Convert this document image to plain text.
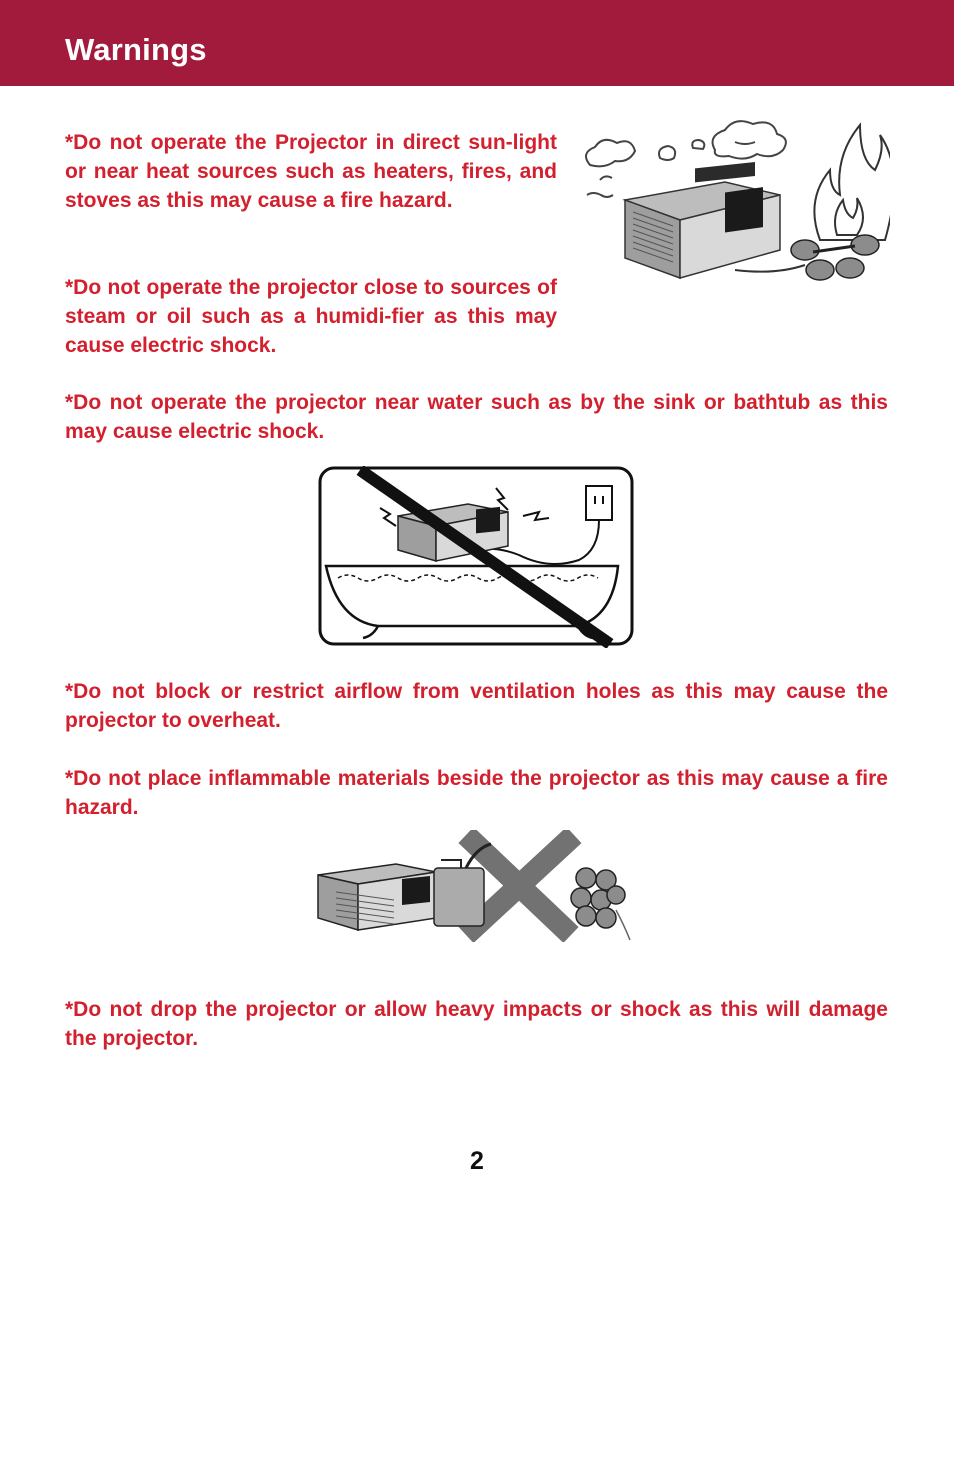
Warnings

*Do not operate the Projector in direct sun-light or near heat sources such as heaters, fires, and stoves as this may cause a fire hazard.

*Do not operate the projector close to sources of steam or oil such as a humidi-fier as this may cause electric shock.

*Do not operate the projector near water such as by the sink or bathtub as this may cause electric shock.

*Do not block or restrict airflow from ventilation holes as this may cause the projector to overheat.

*Do not place inflammable materials beside the projector as this may cause a fire hazard.

*Do not drop the projector or allow heavy impacts or shock as this will damage the projector.

2
